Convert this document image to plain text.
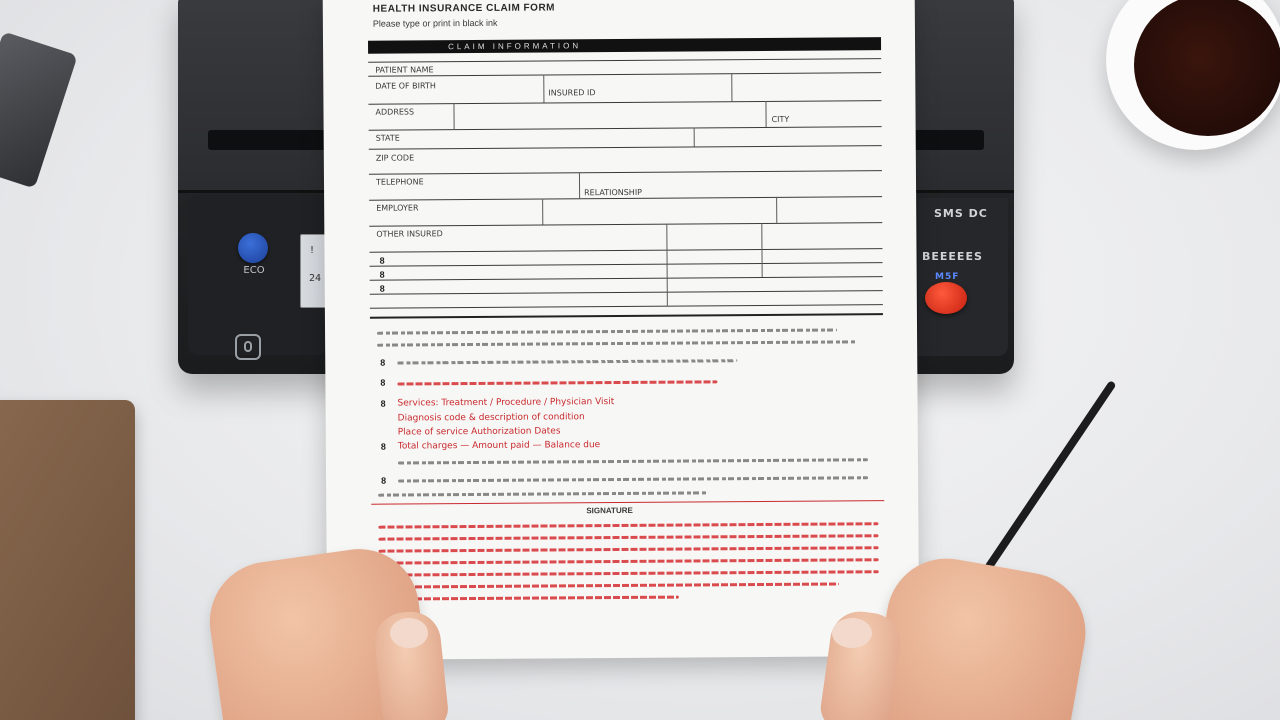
ECO
!
24
SMS DC
BEEEEES
M5F
HEALTH INSURANCE CLAIM FORM
Please type or print in black ink
CLAIM INFORMATION
PATIENT NAME
DATE OF BIRTH
INSURED ID
ADDRESS
CITY
STATE
ZIP CODE
TELEPHONE
RELATIONSHIP
EMPLOYER
OTHER INSURED
8
8
8
8
8
8 Services: Treatment / Procedure / Physician Visit
Diagnosis code & description of condition
Place of service Authorization Dates
8 Total charges — Amount paid — Balance due
8
SIGNATURE
